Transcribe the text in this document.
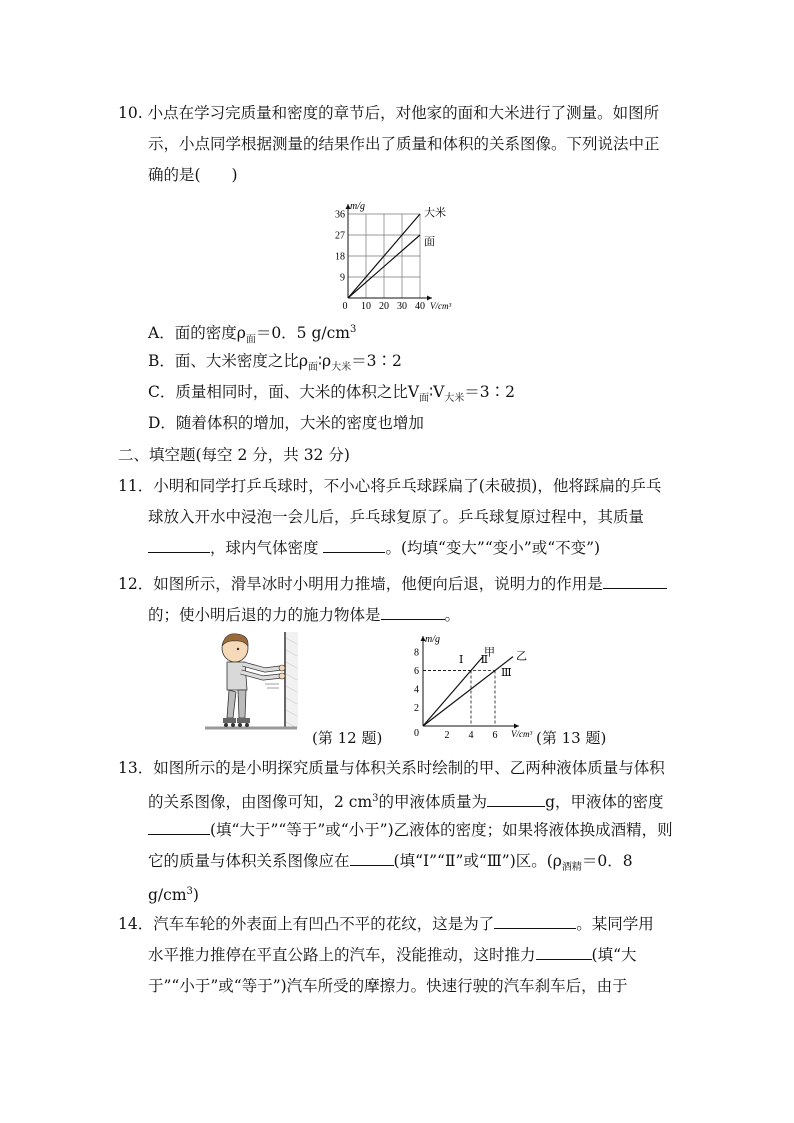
10. 小点在学习完质量和密度的章节后，对他家的面和大米进行了测量。如图所
示，小点同学根据测量的结果作出了质量和体积的关系图像。下列说法中正
确的是(　　)
0 10 20 30 40
9
18
27
36
m/g
V/cm³
大米
面
A．面的密度$\rho_面=0$．5 $g/cm^3$
B．面、大米密度之比$\rho_面∶\rho_{大米}=3∶2$
C．质量相同时，面、大米的体积之比$V_面∶V_{大米}=3∶2$
D．随着体积的增加，大米的密度也增加
二、填空题(每空 2 分，共 32 分)
11．小明和同学打乒乓球时，不小心将乒乓球踩扁了(未破损)，他将踩扁的乒乓
球放入开水中浸泡一会儿后，乒乓球复原了。乒乓球复原过程中，其质量
，球内气体密度	。(均填“变大”“变小”或“不变”)
12．如图所示，滑旱冰时小明用力推墙，他便向后退，说明力的作用是
的；使小明后退的力的施力物体是	。
(第 12 题)	2 4 6
2
4
6
8
0
m/g
V/cm³
甲 乙
Ⅰ Ⅱ
Ⅲ
(第 13 题)
13．如图所示的是小明探究质量与体积关系时绘制的甲、乙两种液体质量与体积
的关系图像，由图像可知，2 $cm^3$的甲液体质量为	g，甲液体的密度
(填“大于”“等于”或“小于”)乙液体的密度；如果将液体换成酒精，则
它的质量与体积关系图像应在	(填“Ⅰ”“Ⅱ”或“Ⅲ”)区。($\rho_{酒精}=0$．8
$g/cm^3$)
14．汽车车轮的外表面上有凹凸不平的花纹，这是为了	。某同学用
水平推力推停在平直公路上的汽车，没能推动，这时推力	(填“大
于”“小于”或“等于”)汽车所受的摩擦力。快速行驶的汽车刹车后，由于
